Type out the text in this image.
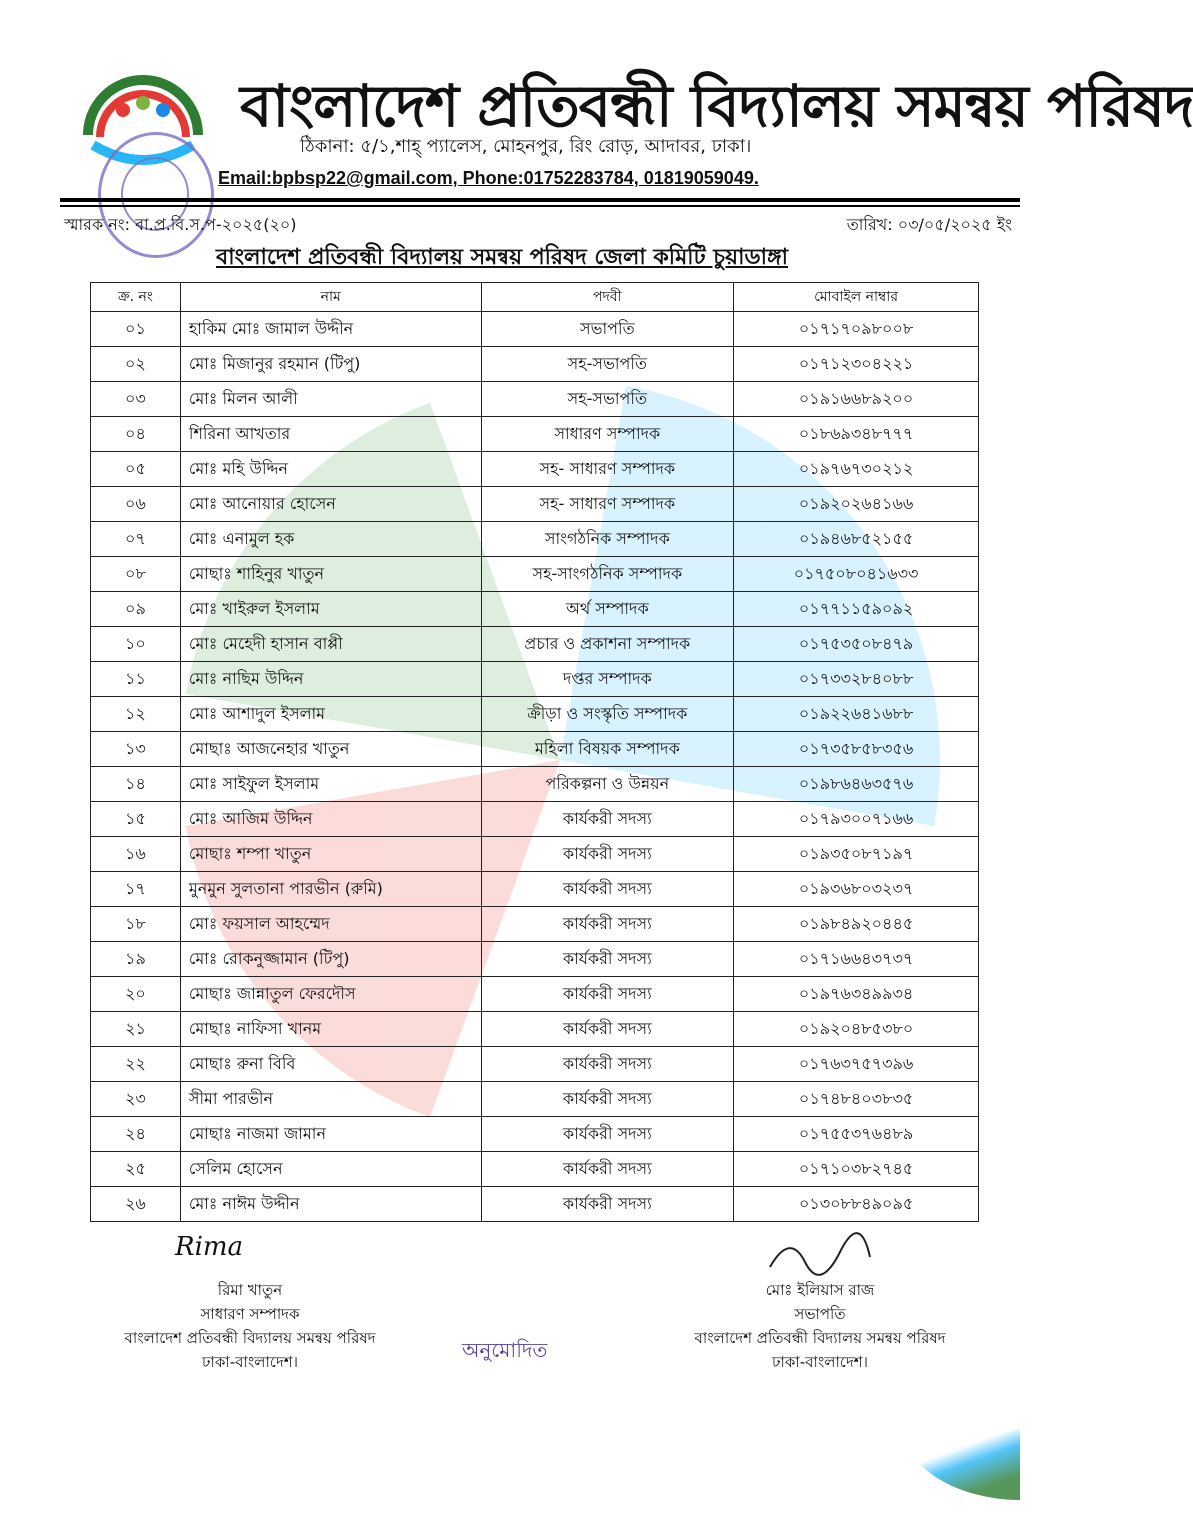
বাংলাদেশ প্রতিবন্ধী বিদ্যালয় সমন্বয় পরিষদ
ঠিকানা: ৫/১,শাহ্ প্যালেস, মোহনপুর, রিং রোড়, আদাবর, ঢাকা।
Email:bpbsp22@gmail.com, Phone:01752283784, 01819059049.
স্মারক নং: বা.প্র.বি.স.প-২০২৫(২০)	তারিখ: ০৩/০৫/২০২৫ ইং
বাংলাদেশ প্রতিবন্ধী বিদ্যালয় সমন্বয় পরিষদ জেলা কমিটি চুয়াডাঙ্গা
ক্র. নং	নাম	পদবী	মোবাইল নাম্বার
০১	হাকিম মোঃ জামাল উদ্দীন	সভাপতি	০১৭১৭০৯৮০০৮
০২	মোঃ মিজানুর রহমান (টিপু)	সহ-সভাপতি	০১৭১২৩০৪২২১
০৩	মোঃ মিলন আলী	সহ-সভাপতি	০১৯১৬৬৮৯২০০
০৪	শিরিনা আখতার	সাধারণ সম্পাদক	০১৮৬৯৩৪৮৭৭৭
০৫	মোঃ মহি উদ্দিন	সহ- সাধারণ সম্পাদক	০১৯৭৬৭৩০২১২
০৬	মোঃ আনোয়ার হোসেন	সহ- সাধারণ সম্পাদক	০১৯২০২৬৪১৬৬
০৭	মোঃ এনামুল হক	সাংগঠনিক সম্পাদক	০১৯৪৬৮৫২১৫৫
০৮	মোছাঃ শাহিনুর খাতুন	সহ-সাংগঠনিক সম্পাদক	০১৭৫০৮০৪১৬৩৩
০৯	মোঃ খাইরুল ইসলাম	অর্থ সম্পাদক	০১৭৭১১৫৯০৯২
১০	মোঃ মেহেদী হাসান বাপ্পী	প্রচার ও প্রকাশনা সম্পাদক	০১৭৫৩৫০৮৪৭৯
১১	মোঃ নাছিম উদ্দিন	দপ্তর সম্পাদক	০১৭৩৩২৮৪০৮৮
১২	মোঃ আশাদুল ইসলাম	ক্রীড়া ও সংস্কৃতি সম্পাদক	০১৯২২৬৪১৬৮৮
১৩	মোছাঃ আজনেহার খাতুন	মহিলা বিষয়ক সম্পাদক	০১৭৩৫৮৫৮৩৫৬
১৪	মোঃ সাইফুল ইসলাম	পরিকল্পনা ও উন্নয়ন	০১৯৮৬৪৬৩৫৭৬
১৫	মোঃ আজিম উদ্দিন	কার্যকরী সদস্য	০১৭৯৩০০৭১৬৬
১৬	মোছাঃ শম্পা খাতুন	কার্যকরী সদস্য	০১৯৩৫০৮৭১৯৭
১৭	মুনমুন সুলতানা পারভীন (রুমি)	কার্যকরী সদস্য	০১৯৩৬৮০৩২৩৭
১৮	মোঃ ফয়সাল আহম্মেদ	কার্যকরী সদস্য	০১৯৮৪৯২০৪৪৫
১৯	মোঃ রোকনুজ্জামান (টিপু)	কার্যকরী সদস্য	০১৭১৬৬৪৩৭৩৭
২০	মোছাঃ জান্নাতুল ফেরদৌস	কার্যকরী সদস্য	০১৯৭৬৩৪৯৯৩৪
২১	মোছাঃ নাফিসা খানম	কার্যকরী সদস্য	০১৯২০৪৮৫৩৮০
২২	মোছাঃ রুনা বিবি	কার্যকরী সদস্য	০১৭৬৩৭৫৭৩৯৬
২৩	সীমা পারভীন	কার্যকরী সদস্য	০১৭৪৮৪০৩৮৩৫
২৪	মোছাঃ নাজমা জামান	কার্যকরী সদস্য	০১৭৫৫৩৭৬৪৮৯
২৫	সেলিম হোসেন	কার্যকরী সদস্য	০১৭১০৩৮২৭৪৫
২৬	মোঃ নাঈম উদ্দীন	কার্যকরী সদস্য	০১৩০৮৮৪৯০৯৫
Rima
রিমা খাতুন
সাধারণ সম্পাদক
বাংলাদেশ প্রতিবন্ধী বিদ্যালয় সমন্বয় পরিষদ
ঢাকা-বাংলাদেশ।
মোঃ ইলিয়াস রাজ
সভাপতি
বাংলাদেশ প্রতিবন্ধী বিদ্যালয় সমন্বয় পরিষদ
ঢাকা-বাংলাদেশ।
অনুমোদিত
